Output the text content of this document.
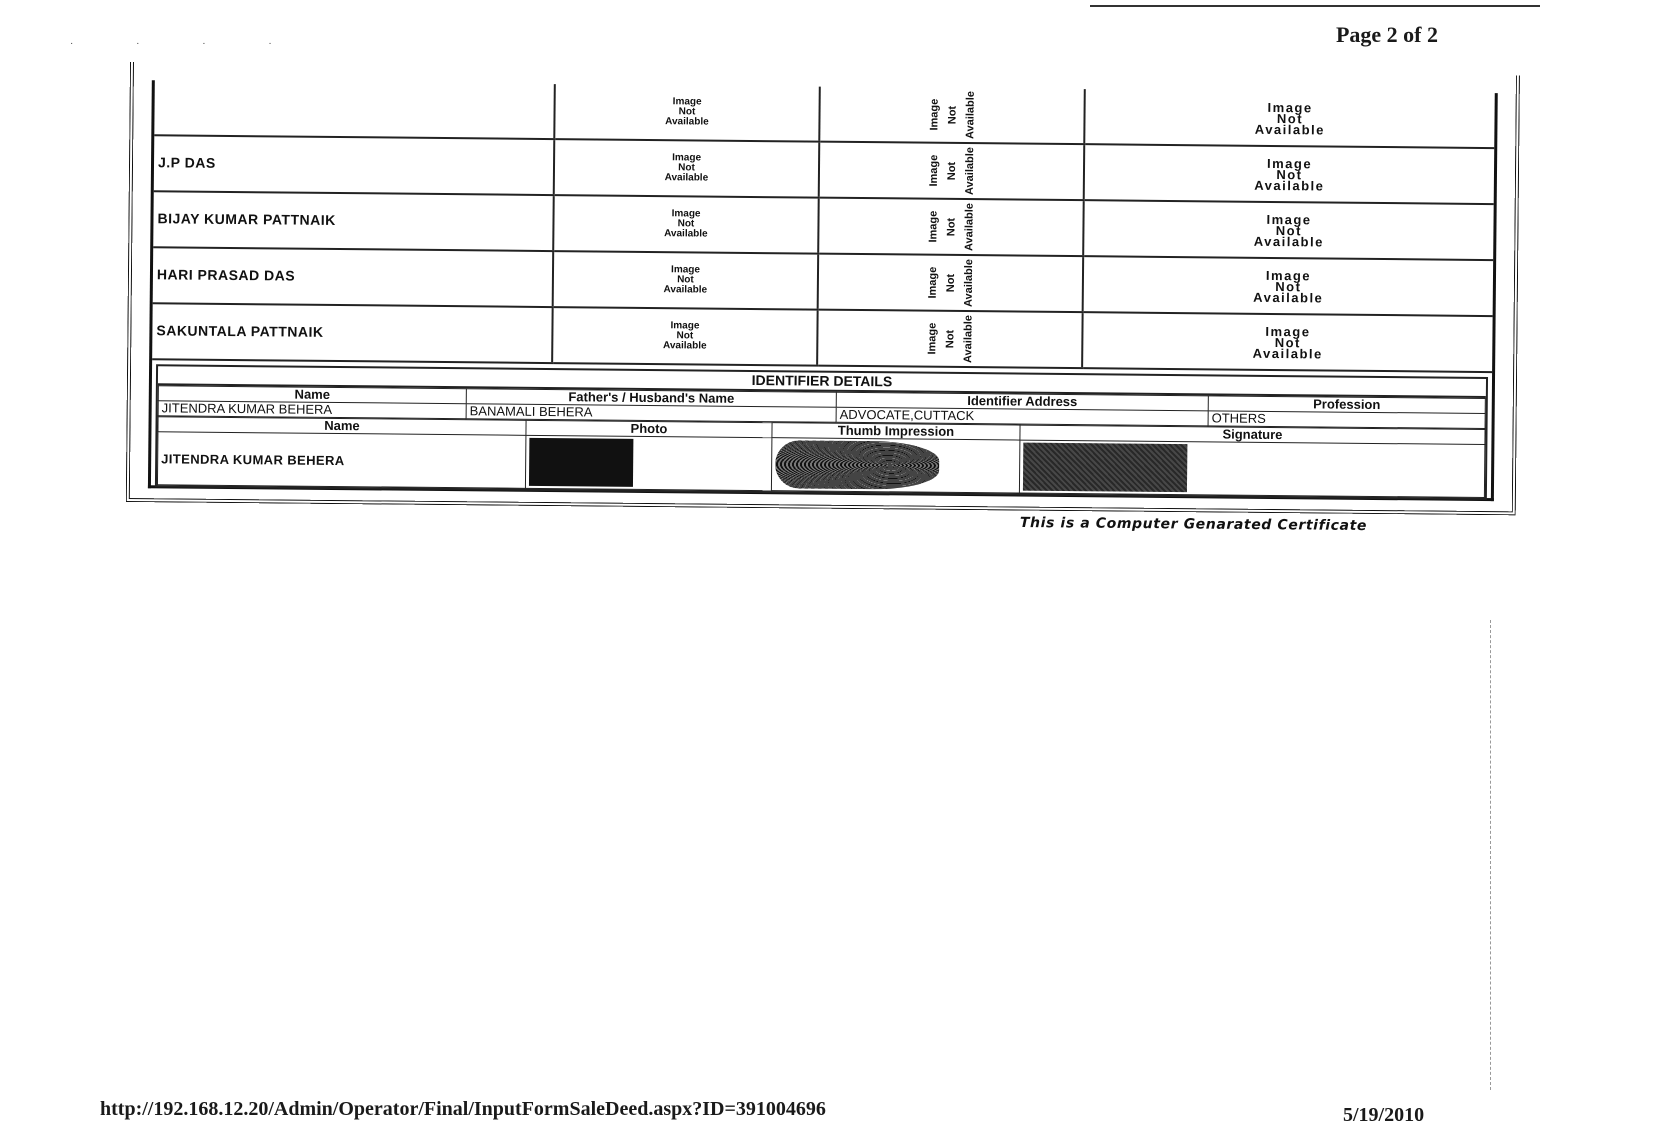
· · · ·	Page 2 of 2

	Image
Not
Available	Image Not Available	Image
Not
Available

J.P DAS	Image
Not
Available	Image Not Available	Image
Not
Available

BIJAY KUMAR PATTNAIK	Image
Not
Available	Image Not Available	Image
Not
Available

HARI PRASAD DAS	Image
Not
Available	Image Not Available	Image
Not
Available

SAKUNTALA PATTNAIK	Image
Not
Available	Image Not Available	Image
Not
Available
IDENTIFIER DETAILS
Name	Father's / Husband's Name	Identifier Address	Profession
JITENDRA KUMAR BEHERA	BANAMALI BEHERA	ADVOCATE,CUTTACK	OTHERS
Name	Photo	Thumb Impression	Signature
JITENDRA KUMAR BEHERA	

This is a Computer Genarated Certificate
http://192.168.12.20/Admin/Operator/Final/InputFormSaleDeed.aspx?ID=391004696	5/19/2010
